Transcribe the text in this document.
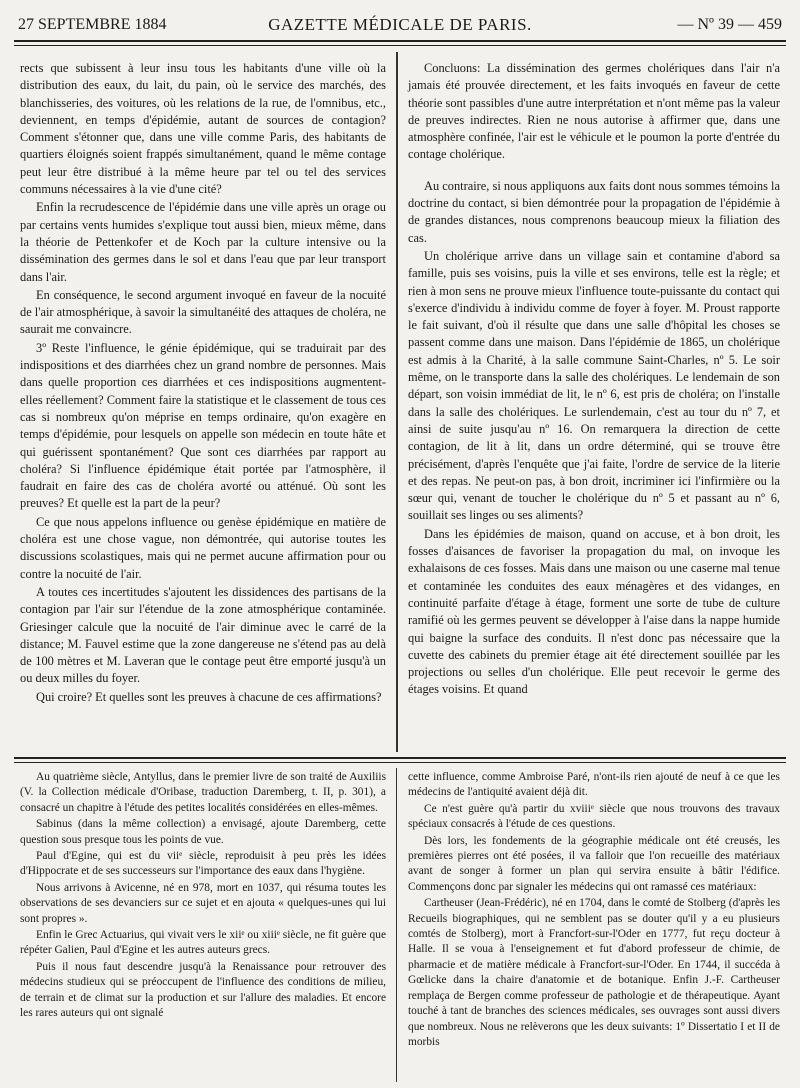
27 SEPTEMBRE 1884	GAZETTE MÉDICALE DE PARIS.	— Nº 39 — 459

rects que subissent à leur insu tous les habitants d'une ville où la distribution des eaux, du lait, du pain, où le service des marchés, des blanchisseries, des voitures, où les relations de la rue, de l'omnibus, etc., deviennent, en temps d'épidémie, autant de sources de contagion? Comment s'étonner que, dans une ville comme Paris, des habitants de quartiers éloignés soient frappés simultanément, quand le même contage peut leur être distribué à la même heure par tel ou tel des services communs nécessaires à la vie d'une cité?

Enfin la recrudescence de l'épidémie dans une ville après un orage ou par certains vents humides s'explique tout aussi bien, mieux même, dans la théorie de Pettenkofer et de Koch par la culture intensive ou la dissémination des germes dans le sol et dans l'eau que par leur transport dans l'air.

En conséquence, le second argument invoqué en faveur de la nocuité de l'air atmosphérique, à savoir la simultanéité des attaques de choléra, ne saurait me convaincre.

3º Reste l'influence, le génie épidémique, qui se traduirait par des indispositions et des diarrhées chez un grand nombre de personnes. Mais dans quelle proportion ces diarrhées et ces indispositions augmentent-elles réellement? Comment faire la statistique et le classement de tous ces cas si nombreux qu'on méprise en temps ordinaire, qu'on exagère en temps d'épidémie, pour lesquels on appelle son médecin en toute hâte et qui guérissent spontanément? Que sont ces diarrhées par rapport au choléra? Si l'influence épidémique était portée par l'atmosphère, il faudrait en faire des cas de choléra avorté ou atténué. Où sont les preuves? Et quelle est la part de la peur?

Ce que nous appelons influence ou genèse épidémique en matière de choléra est une chose vague, non démontrée, qui autorise toutes les discussions scolastiques, mais qui ne permet aucune affirmation pour ou contre la nocuité de l'air.

A toutes ces incertitudes s'ajoutent les dissidences des partisans de la contagion par l'air sur l'étendue de la zone atmosphérique contaminée. Griesinger calcule que la nocuité de l'air diminue avec le carré de la distance; M. Fauvel estime que la zone dangereuse ne s'étend pas au delà de 100 mètres et M. Laveran que le contage peut être emporté jusqu'à un ou deux milles du foyer.

Qui croire? Et quelles sont les preuves à chacune de ces affirmations?

Concluons: La dissémination des germes cholériques dans l'air n'a jamais été prouvée directement, et les faits invoqués en faveur de cette théorie sont passibles d'une autre interprétation et n'ont même pas la valeur de preuves indirectes. Rien ne nous autorise à affirmer que, dans une atmosphère confinée, l'air est le véhicule et le poumon la porte d'entrée du contage cholérique.

Au contraire, si nous appliquons aux faits dont nous sommes témoins la doctrine du contact, si bien démontrée pour la propagation de l'épidémie à de grandes distances, nous comprenons beaucoup mieux la filiation des cas.

Un cholérique arrive dans un village sain et contamine d'abord sa famille, puis ses voisins, puis la ville et ses environs, telle est la règle; et rien à mon sens ne prouve mieux l'influence toute-puissante du contact qui s'exerce d'individu à individu comme de foyer à foyer. M. Proust rapporte le fait suivant, d'où il résulte que dans une salle d'hôpital les choses se passent comme dans une maison. Dans l'épidémie de 1865, un cholérique est admis à la Charité, à la salle commune Saint-Charles, nº 5. Le soir même, on le transporte dans la salle des cholériques. Le lendemain de son départ, son voisin immédiat de lit, le nº 6, est pris de choléra; on l'installe dans la salle des cholériques. Le surlendemain, c'est au tour du nº 7, et ainsi de suite jusqu'au nº 16. On remarquera la direction de cette contagion, de lit à lit, dans un ordre déterminé, qui se trouve être précisément, d'après l'enquête que j'ai faite, l'ordre de service de la literie et des repas. Ne peut-on pas, à bon droit, incriminer ici l'infirmière ou la sœur qui, venant de toucher le cholérique du nº 5 et passant au nº 6, souillait ses linges ou ses aliments?

Dans les épidémies de maison, quand on accuse, et à bon droit, les fosses d'aisances de favoriser la propagation du mal, on invoque les exhalaisons de ces fosses. Mais dans une maison ou une caserne mal tenue et contaminée les conduites des eaux ménagères et des vidanges, en continuité parfaite d'étage à étage, forment une sorte de tube de culture ramifié où les germes peuvent se développer à l'aise dans la nappe humide qui baigne la surface des conduits. Il n'est donc pas nécessaire que la cuvette des cabinets du premier étage ait été directement souillée par les projections ou selles d'un cholérique. Elle peut recevoir le germe des étages voisins. Et quand

Au quatrième siècle, Antyllus, dans le premier livre de son traité de Auxiliis (V. la Collection médicale d'Oribase, traduction Daremberg, t. II, p. 301), a consacré un chapitre à l'étude des petites localités considérées en elles-mêmes.

Sabinus (dans la même collection) a envisagé, ajoute Daremberg, cette question sous presque tous les points de vue.

Paul d'Egine, qui est du viiᵉ siècle, reproduisit à peu près les idées d'Hippocrate et de ses successeurs sur l'importance des eaux dans l'hygiène.

Nous arrivons à Avicenne, né en 978, mort en 1037, qui résuma toutes les observations de ses devanciers sur ce sujet et en ajouta « quelques-unes qui lui sont propres ».

Enfin le Grec Actuarius, qui vivait vers le xiiᵉ ou xiiiᵉ siècle, ne fit guère que répéter Galien, Paul d'Egine et les autres auteurs grecs.

Puis il nous faut descendre jusqu'à la Renaissance pour retrouver des médecins studieux qui se préoccupent de l'influence des conditions de milieu, de terrain et de climat sur la production et sur l'allure des maladies. Et encore les rares auteurs qui ont signalé

cette influence, comme Ambroise Paré, n'ont-ils rien ajouté de neuf à ce que les médecins de l'antiquité avaient déjà dit.

Ce n'est guère qu'à partir du xviiiᵉ siècle que nous trouvons des travaux spéciaux consacrés à l'étude de ces questions.

Dès lors, les fondements de la géographie médicale ont été creusés, les premières pierres ont été posées, il va falloir que l'on recueille des matériaux avant de songer à former un plan qui servira ensuite à bâtir l'édifice. Commençons donc par signaler les médecins qui ont ramassé ces matériaux:

Cartheuser (Jean-Frédéric), né en 1704, dans le comté de Stolberg (d'après les Recueils biographiques, qui ne semblent pas se douter qu'il y a eu plusieurs comtés de Stolberg), mort à Francfort-sur-l'Oder en 1777, fut reçu docteur à Halle. Il se voua à l'enseignement et fut d'abord professeur de chimie, de pharmacie et de matière médicale à Francfort-sur-l'Oder. En 1744, il succéda à Gœlicke dans la chaire d'anatomie et de botanique. Enfin J.-F. Cartheuser remplaça de Bergen comme professeur de pathologie et de thérapeutique. Ayant touché à tant de branches des sciences médicales, ses ouvrages sont aussi divers que nombreux. Nous ne relèverons que les deux suivants: 1º Dissertatio I et II de morbis
